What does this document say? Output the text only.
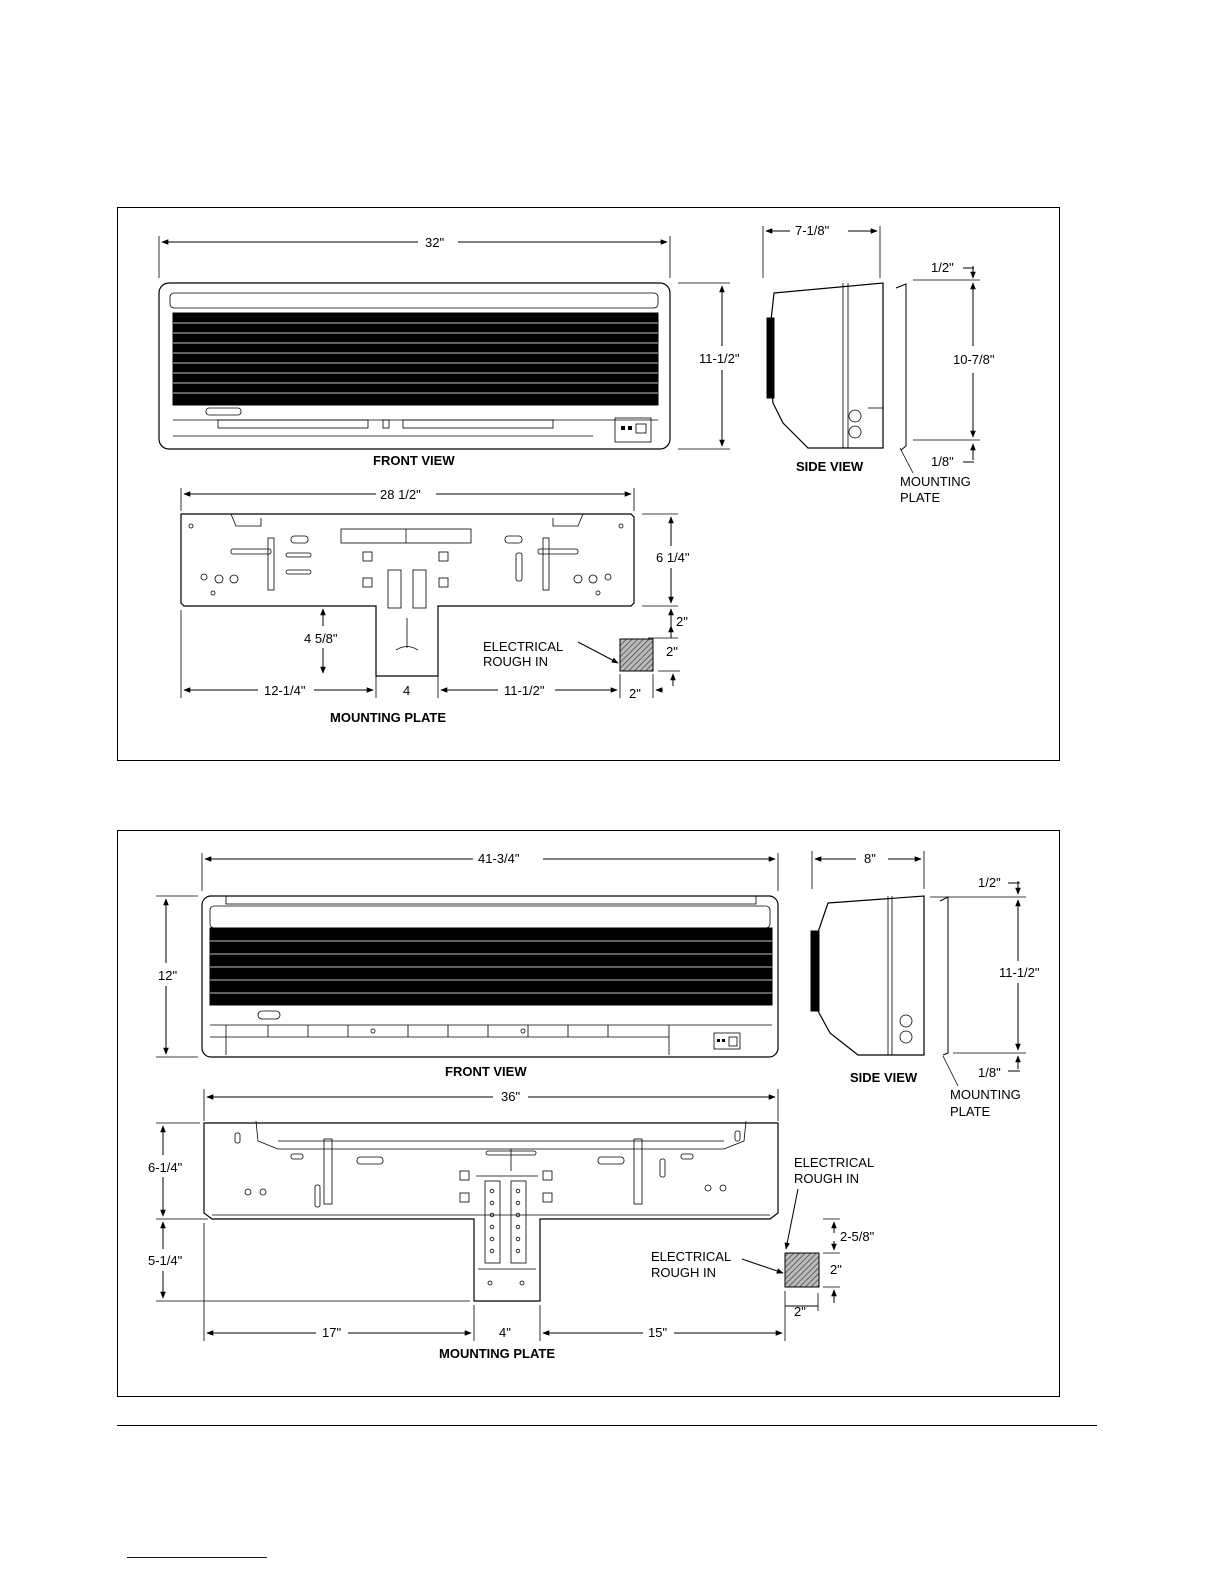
FRONT VIEW
32"
11-1/2"
SIDE VIEW
7-1/8"
1/2"
10-7/8"
1/8"
MOUNTING
PLATE
MOUNTING PLATE
28 1/2"
6 1/4"
2"
4 5/8"
ELECTRICAL
ROUGH IN
2"
12-1/4"	4	11-1/2"	2"
FRONT VIEW
41-3/4"
12"
SIDE VIEW
8"
1/2"
11-1/2"
1/8"
MOUNTING
PLATE
MOUNTING PLATE
36"
6-1/4"
5-1/4"
ELECTRICAL
ROUGH IN
ELECTRICAL
ROUGH IN
2-5/8"
2"
2"
17"	4"	15"
